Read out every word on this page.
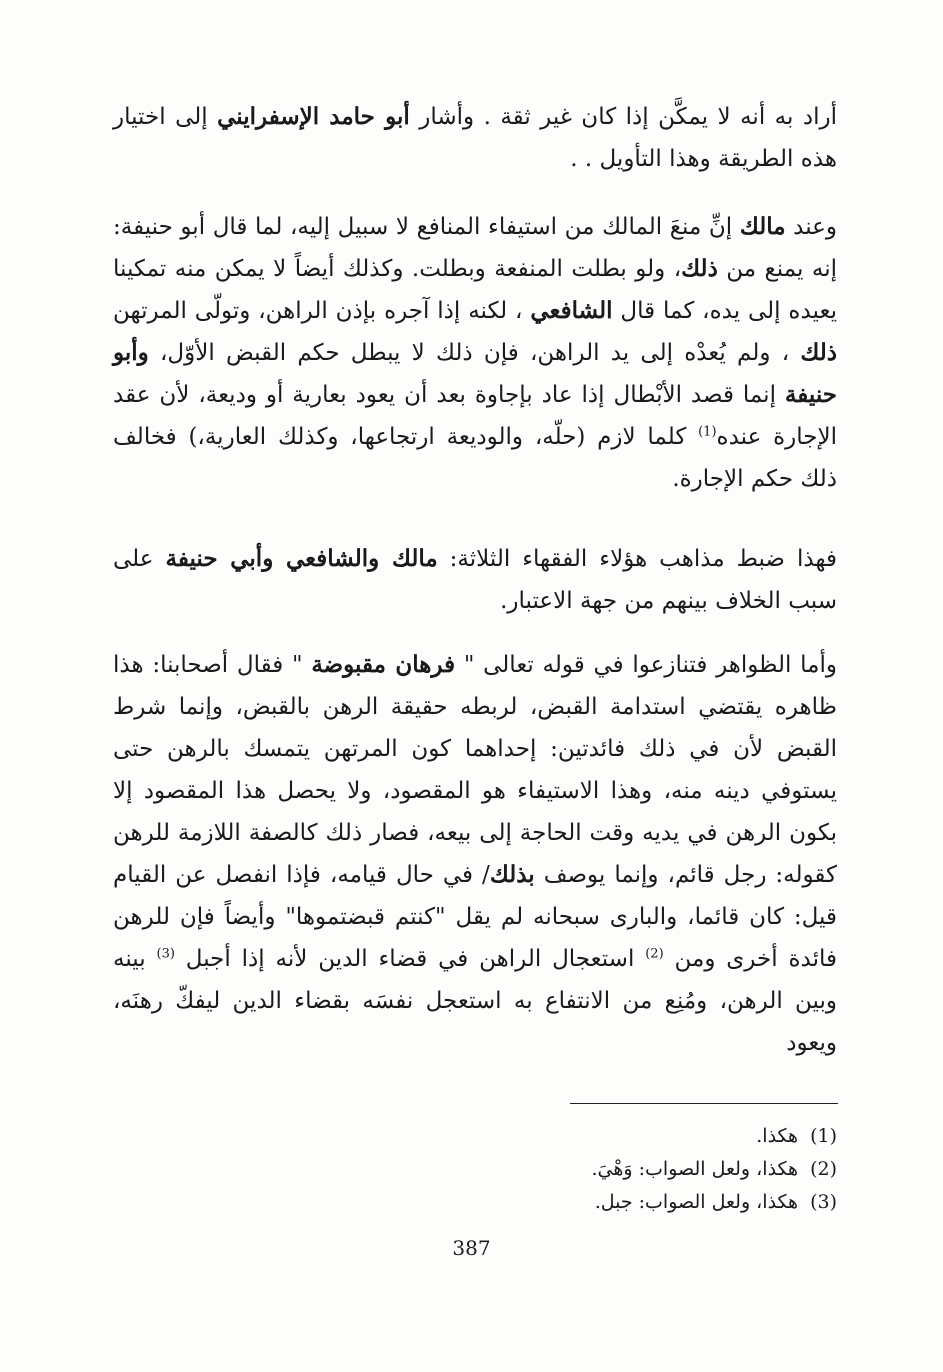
أراد به أنه لا يمكَّن إذا كان غير ثقة . وأشار أبو حامد الإسفرايني إلى اختيار هذه الطريقة وهذا التأويل . .

وعند مالك إنِّ منعَ المالك من استيفاء المنافع لا سبيل إليه، لما قال أبو حنيفة: إنه يمنع من ذلك، ولو بطلت المنفعة وبطلت. وكذلك أيضاً لا يمكن منه تمكينا يعيده إلى يده، كما قال الشافعي ، لكنه إذا آجره بإذن الراهن، وتولّى المرتهن ذلك ، ولم يُعدْه إلى يد الراهن، فإن ذلك لا يبطل حكم القبض الأوّل، وأبو حنيفة إنما قصد الأبْطال إذا عاد بإجاوة بعد أن يعود بعارية أو وديعة، لأن عقد الإجارة عنده$^{(1)}$ كلما لازم (حلّه، والوديعة ارتجاعها، وكذلك العارية،) فخالف ذلك حكم الإجارة.

فهذا ضبط مذاهب هؤلاء الفقهاء الثلاثة: مالك والشافعي وأبي حنيفة على سبب الخلاف بينهم من جهة الاعتبار.

وأما الظواهر فتنازعوا في قوله تعالى " فرهان مقبوضة " فقال أصحابنا: هذا ظاهره يقتضي استدامة القبض، لربطه حقيقة الرهن بالقبض، وإنما شرط القبض لأن في ذلك فائدتين: إحداهما كون المرتهن يتمسك بالرهن حتى يستوفي دينه منه، وهذا الاستيفاء هو المقصود، ولا يحصل هذا المقصود إلا بكون الرهن في يديه وقت الحاجة إلى بيعه، فصار ذلك كالصفة اللازمة للرهن كقوله: رجل قائم، وإنما يوصف بذلك/ في حال قيامه، فإذا انفصل عن القيام قيل: كان قائما، والبارى سبحانه لم يقل "كنتم قبضتموها" وأيضاً فإن للرهن فائدة أخرى ومن $^{(2)}$ استعجال الراهن في قضاء الدين لأنه إذا أجبل $^{(3)}$ بينه وبين الرهن، ومُنِع من الانتفاع به استعجل نفسَه بقضاء الدين ليفكّ رهنَه، ويعود

(1)هكذا.

(2)هكذا، ولعل الصواب: وَهْيَ.

(3)هكذا، ولعل الصواب: جبل.

387
